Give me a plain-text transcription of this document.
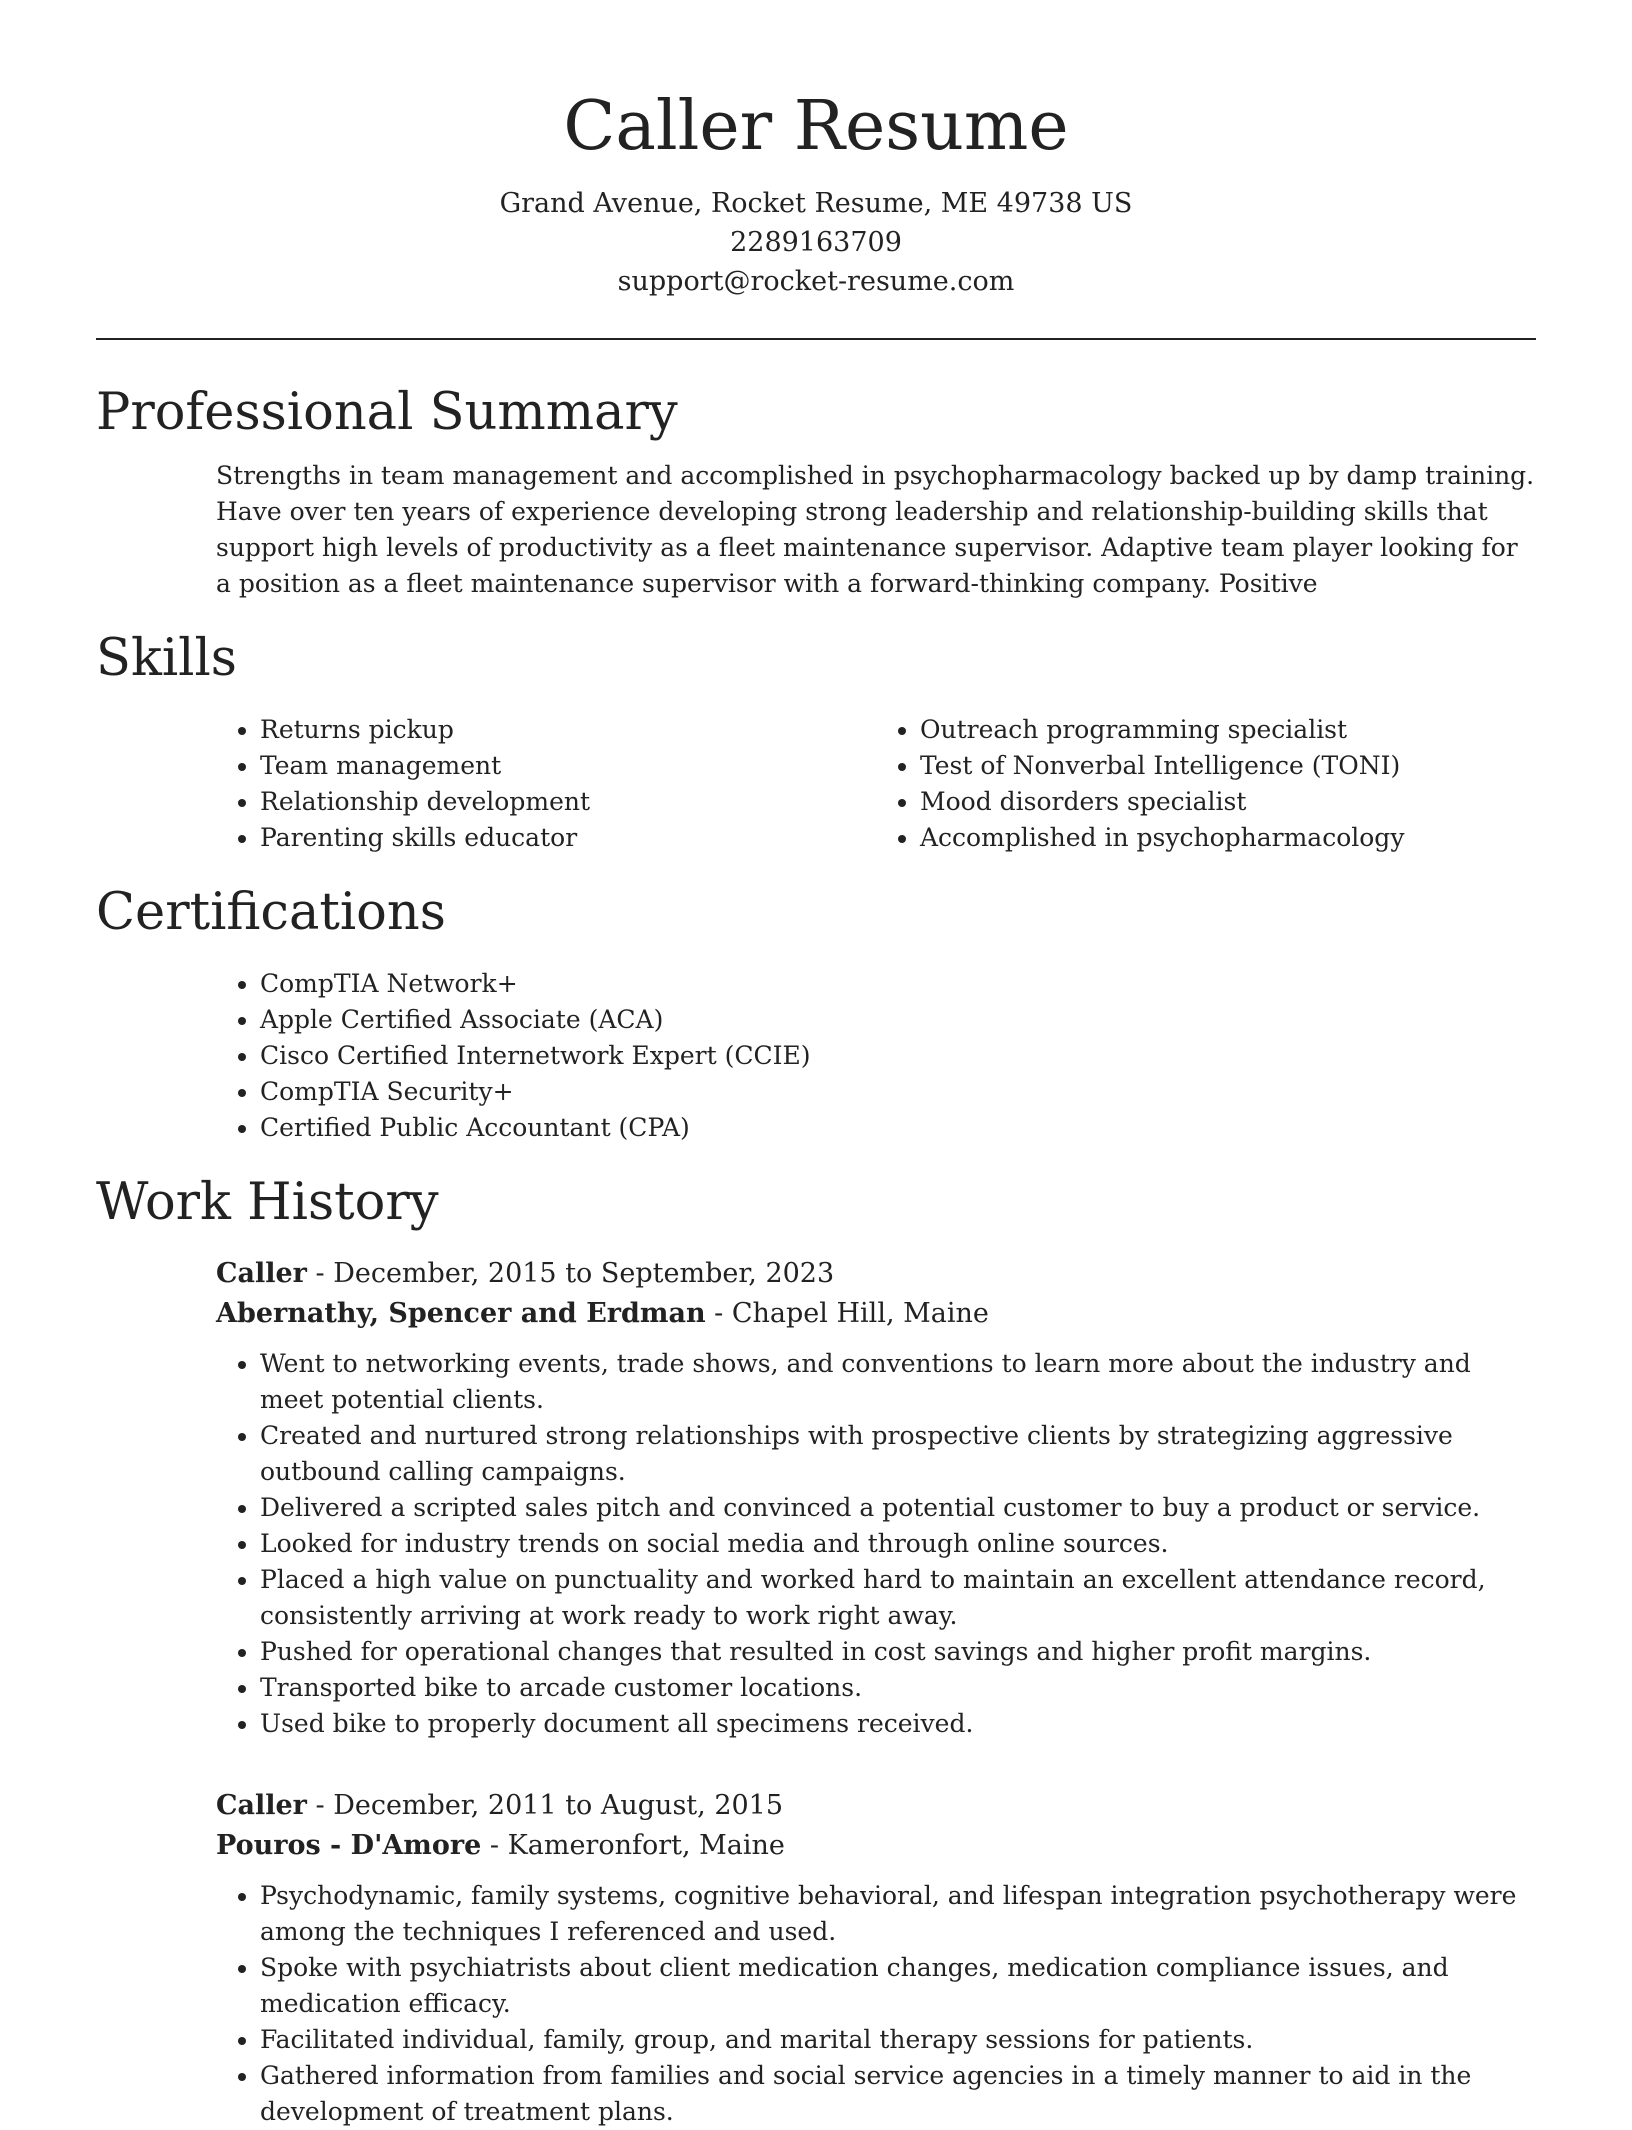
Caller Resume
Grand Avenue, Rocket Resume, ME 49738 US
2289163709
support@rocket-resume.com
Professional Summary

Strengths in team management and accomplished in psychopharmacology backed up by damp training. Have over ten years of experience developing strong leadership and relationship-building skills that support high levels of productivity as a fleet maintenance supervisor. Adaptive team player looking for a position as a fleet maintenance supervisor with a forward-thinking company. Positive

Skills
• Returns pickup
• Team management
• Relationship development
• Parenting skills educator
• Outreach programming specialist
• Test of Nonverbal Intelligence (TONI)
• Mood disorders specialist
• Accomplished in psychopharmacology
Certifications
• CompTIA Network+
• Apple Certified Associate (ACA)
• Cisco Certified Internetwork Expert (CCIE)
• CompTIA Security+
• Certified Public Accountant (CPA)
Work History
Caller - December, 2015 to September, 2023
Abernathy, Spencer and Erdman - Chapel Hill, Maine
• Went to networking events, trade shows, and conventions to learn more about the industry and meet potential clients.
• Created and nurtured strong relationships with prospective clients by strategizing aggressive outbound calling campaigns.
• Delivered a scripted sales pitch and convinced a potential customer to buy a product or service.
• Looked for industry trends on social media and through online sources.
• Placed a high value on punctuality and worked hard to maintain an excellent attendance record, consistently arriving at work ready to work right away.
• Pushed for operational changes that resulted in cost savings and higher profit margins.
• Transported bike to arcade customer locations.
• Used bike to properly document all specimens received.
Caller - December, 2011 to August, 2015
Pouros - D'Amore - Kameronfort, Maine
• Psychodynamic, family systems, cognitive behavioral, and lifespan integration psychotherapy were among the techniques I referenced and used.
• Spoke with psychiatrists about client medication changes, medication compliance issues, and medication efficacy.
• Facilitated individual, family, group, and marital therapy sessions for patients.
• Gathered information from families and social service agencies in a timely manner to aid in the development of treatment plans.
